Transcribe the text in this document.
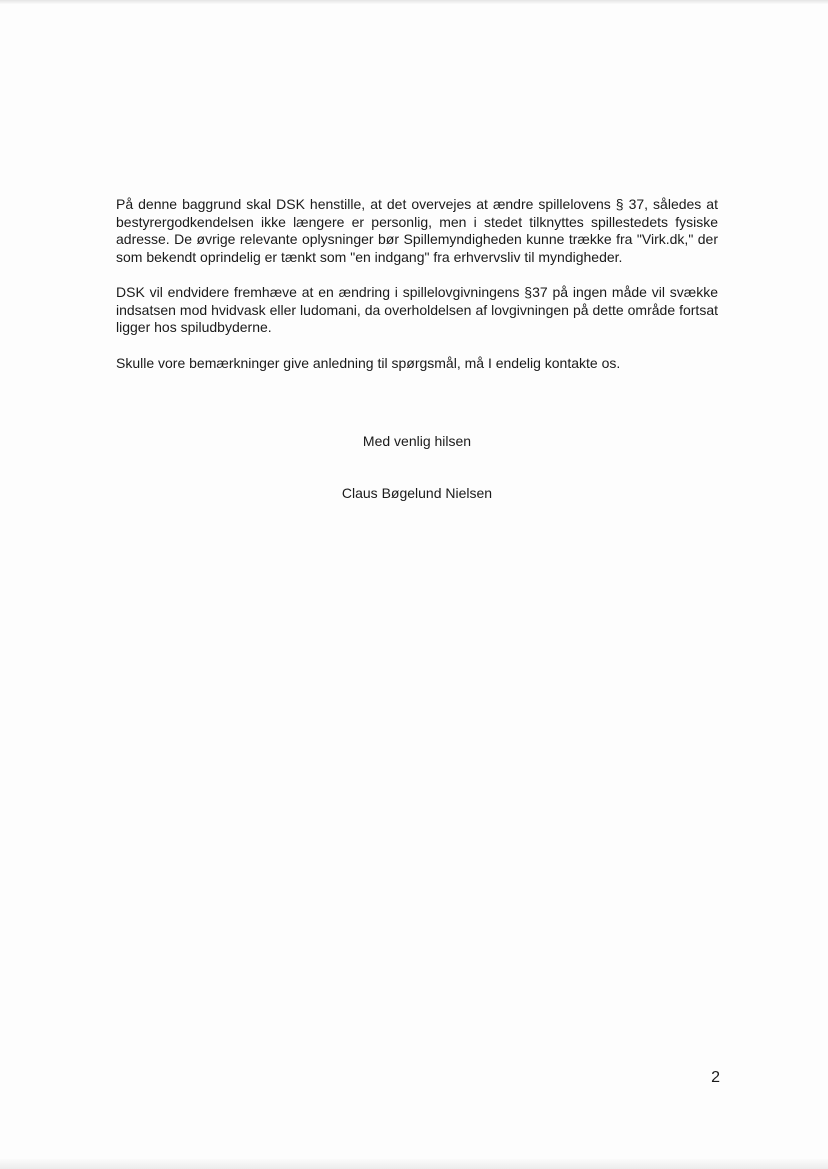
På denne baggrund skal DSK henstille, at det overvejes at ændre spillelovens § 37, således at bestyrergodkendelsen ikke længere er personlig, men i stedet tilknyttes spillestedets fysiske adresse. De øvrige relevante oplysninger bør Spillemyndigheden kunne trække fra "Virk.dk," der som bekendt oprindelig er tænkt som "en indgang" fra erhvervsliv til myndigheder.

DSK vil endvidere fremhæve at en ændring i spillelovgivningens §37 på ingen måde vil svække indsatsen mod hvidvask eller ludomani, da overholdelsen af lovgivningen på dette område fortsat ligger hos spiludbyderne.

Skulle vore bemærkninger give anledning til spørgsmål, må I endelig kontakte os.

Med venlig hilsen
Claus Bøgelund Nielsen
2
